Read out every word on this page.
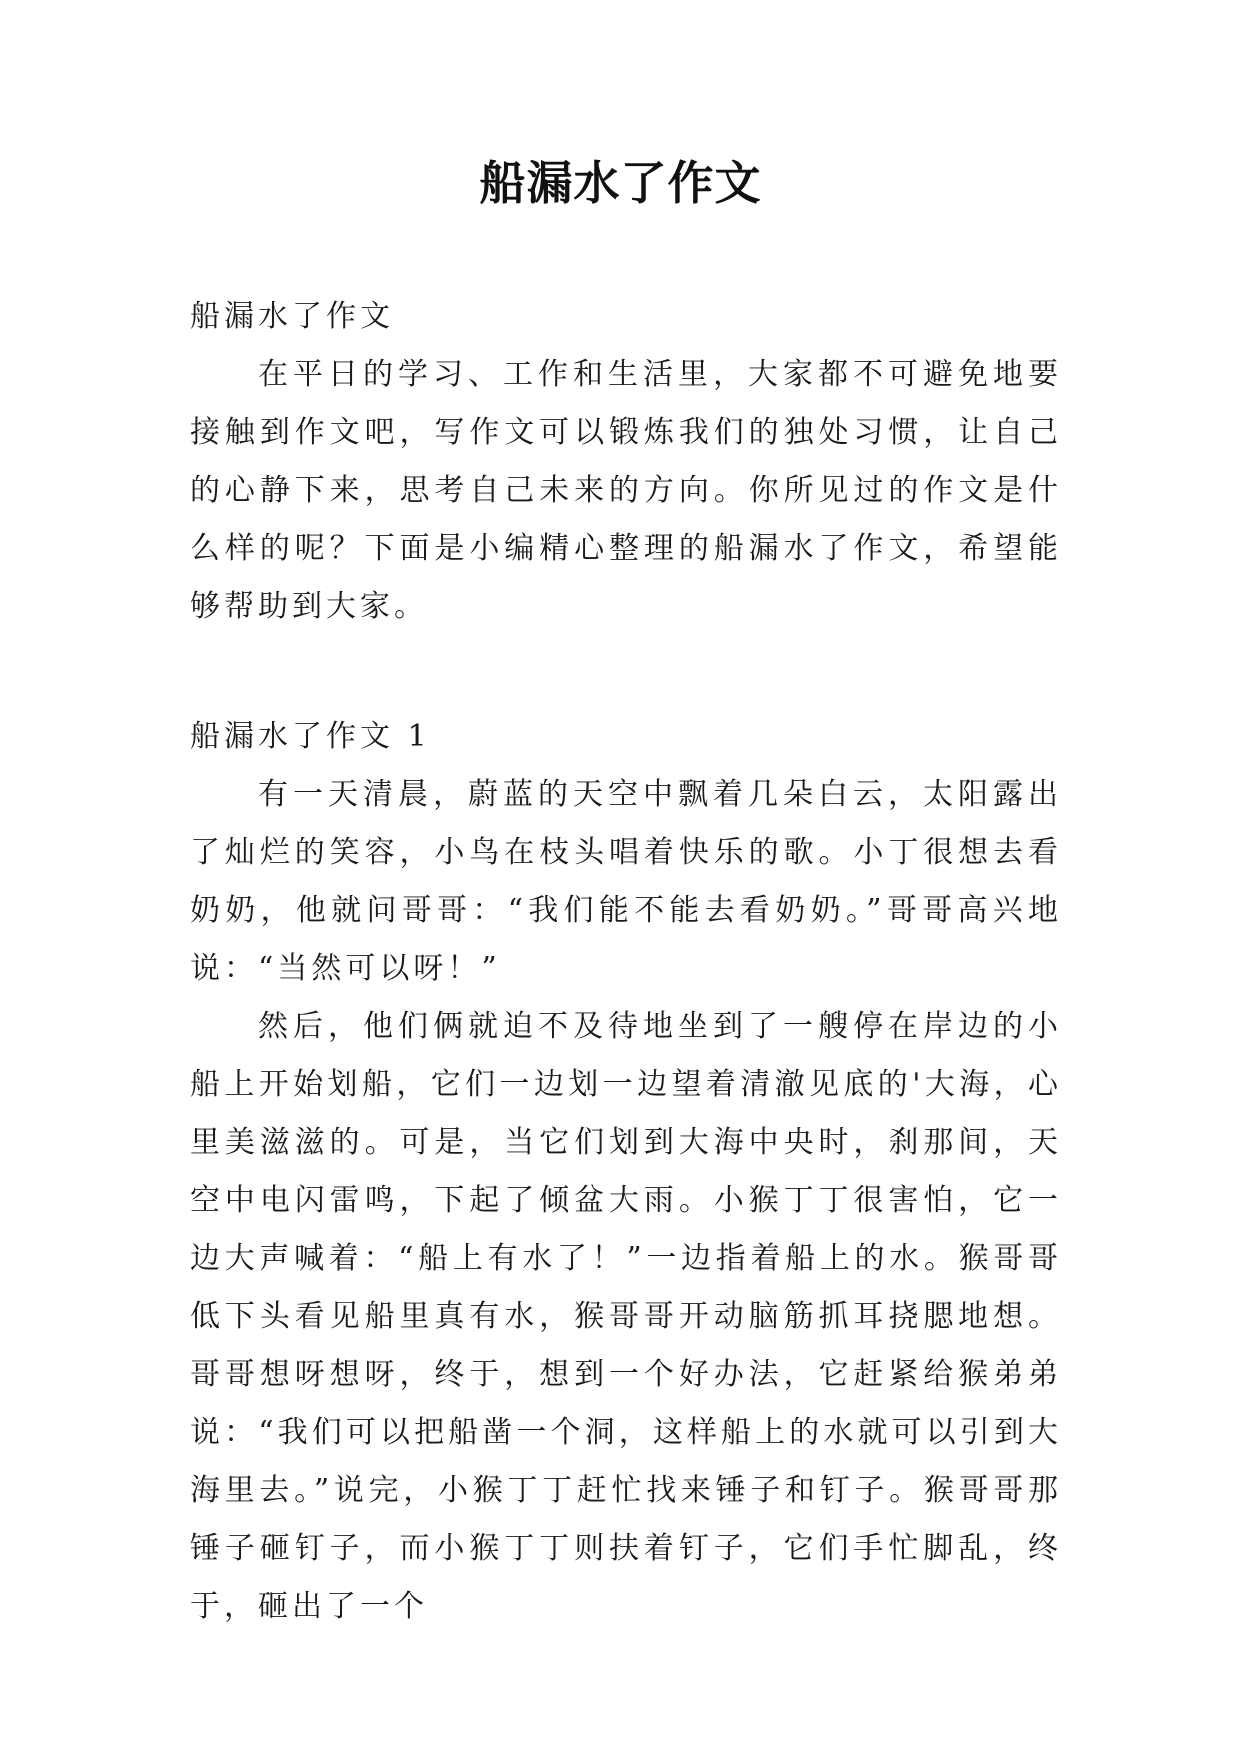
船漏水了作文

船漏水了作文

在平日的学习、工作和生活里，大家都不可避免地要接触到作文吧，写作文可以锻炼我们的独处习惯，让自己的心静下来，思考自己未来的方向。你所见过的作文是什么样的呢？下面是小编精心整理的船漏水了作文，希望能够帮助到大家。

船漏水了作文 1

有一天清晨，蔚蓝的天空中飘着几朵白云，太阳露出了灿烂的笑容，小鸟在枝头唱着快乐的歌。小丁很想去看奶奶，他就问哥哥：“我们能不能去看奶奶。”哥哥高兴地说：“当然可以呀！”

然后，他们俩就迫不及待地坐到了一艘停在岸边的小船上开始划船，它们一边划一边望着清澈见底的'大海，心里美滋滋的。可是，当它们划到大海中央时，刹那间，天空中电闪雷鸣，下起了倾盆大雨。小猴丁丁很害怕，它一边大声喊着：“船上有水了！”一边指着船上的水。猴哥哥低下头看见船里真有水，猴哥哥开动脑筋抓耳挠腮地想。哥哥想呀想呀，终于，想到一个好办法，它赶紧给猴弟弟说：“我们可以把船凿一个洞，这样船上的水就可以引到大海里去。”说完，小猴丁丁赶忙找来锤子和钉子。猴哥哥那锤子砸钉子，而小猴丁丁则扶着钉子，它们手忙脚乱，终于，砸出了一个
